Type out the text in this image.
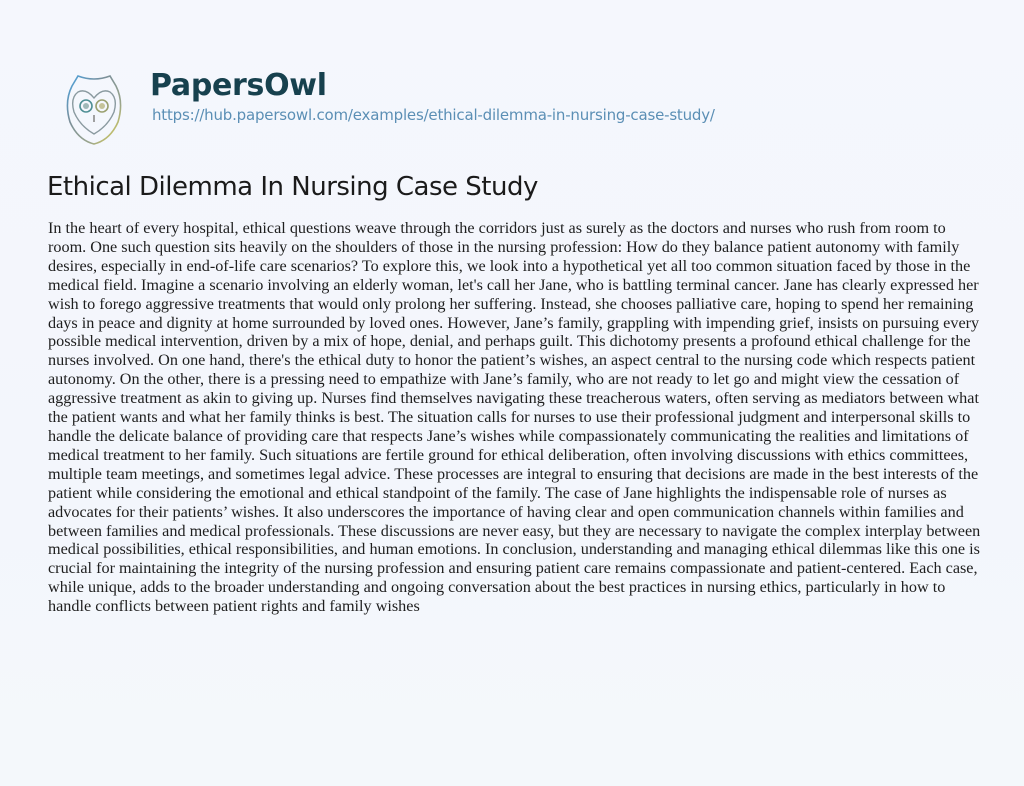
PapersOwl
https://hub.papersowl.com/examples/ethical-dilemma-in-nursing-case-study/
Ethical Dilemma In Nursing Case Study
In the heart of every hospital, ethical questions weave through the corridors just as surely as the doctors and nurses who rush from room to
room. One such question sits heavily on the shoulders of those in the nursing profession: How do they balance patient autonomy with family
desires, especially in end-of-life care scenarios? To explore this, we look into a hypothetical yet all too common situation faced by those in the
medical field. Imagine a scenario involving an elderly woman, let's call her Jane, who is battling terminal cancer. Jane has clearly expressed her
wish to forego aggressive treatments that would only prolong her suffering. Instead, she chooses palliative care, hoping to spend her remaining
days in peace and dignity at home surrounded by loved ones. However, Jane’s family, grappling with impending grief, insists on pursuing every
possible medical intervention, driven by a mix of hope, denial, and perhaps guilt. This dichotomy presents a profound ethical challenge for the
nurses involved. On one hand, there's the ethical duty to honor the patient’s wishes, an aspect central to the nursing code which respects patient
autonomy. On the other, there is a pressing need to empathize with Jane’s family, who are not ready to let go and might view the cessation of
aggressive treatment as akin to giving up. Nurses find themselves navigating these treacherous waters, often serving as mediators between what
the patient wants and what her family thinks is best. The situation calls for nurses to use their professional judgment and interpersonal skills to
handle the delicate balance of providing care that respects Jane’s wishes while compassionately communicating the realities and limitations of
medical treatment to her family. Such situations are fertile ground for ethical deliberation, often involving discussions with ethics committees,
multiple team meetings, and sometimes legal advice. These processes are integral to ensuring that decisions are made in the best interests of the
patient while considering the emotional and ethical standpoint of the family. The case of Jane highlights the indispensable role of nurses as
advocates for their patients’ wishes. It also underscores the importance of having clear and open communication channels within families and
between families and medical professionals. These discussions are never easy, but they are necessary to navigate the complex interplay between
medical possibilities, ethical responsibilities, and human emotions. In conclusion, understanding and managing ethical dilemmas like this one is
crucial for maintaining the integrity of the nursing profession and ensuring patient care remains compassionate and patient-centered. Each case,
while unique, adds to the broader understanding and ongoing conversation about the best practices in nursing ethics, particularly in how to
handle conflicts between patient rights and family wishes
